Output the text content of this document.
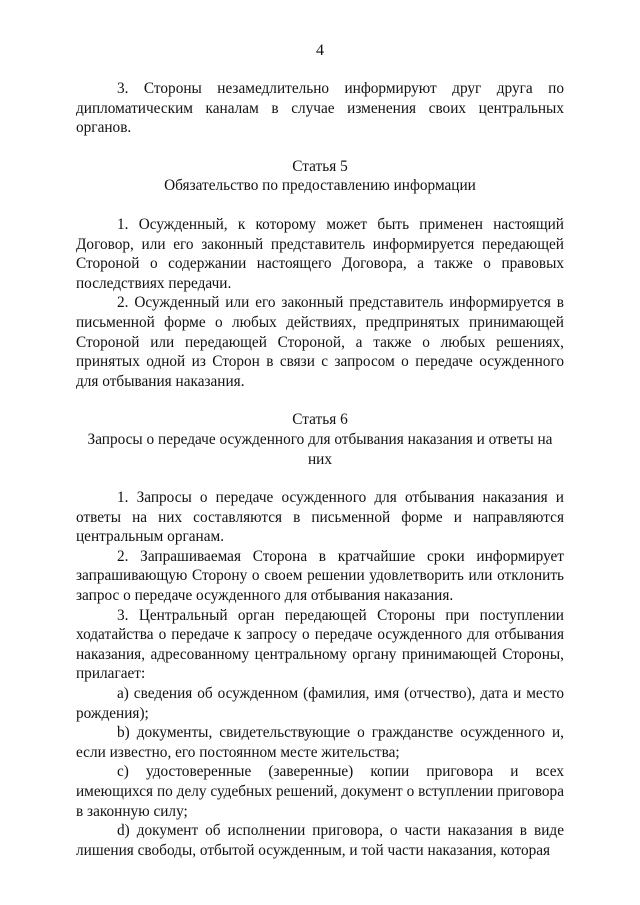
4

3. Стороны незамедлительно информируют друг друга по дипломатическим каналам в случае изменения своих центральных органов.

Статья 5
Обязательство по предоставлению информации

1. Осужденный, к которому может быть применен настоящий Договор, или его законный представитель информируется передающей Стороной о содержании настоящего Договора, а также о правовых последствиях передачи.

2. Осужденный или его законный представитель информируется в письменной форме о любых действиях, предпринятых принимающей Стороной или передающей Стороной, а также о любых решениях, принятых одной из Сторон в связи с запросом о передаче осужденного для отбывания наказания.

Статья 6
Запросы о передаче осужденного для отбывания наказания и ответы на них

1. Запросы о передаче осужденного для отбывания наказания и ответы на них составляются в письменной форме и направляются центральным органам.

2. Запрашиваемая Сторона в кратчайшие сроки информирует запрашивающую Сторону о своем решении удовлетворить или отклонить запрос о передаче осужденного для отбывания наказания.

3. Центральный орган передающей Стороны при поступлении ходатайства о передаче к запросу о передаче осужденного для отбывания наказания, адресованному центральному органу принимающей Стороны, прилагает:

a) сведения об осужденном (фамилия, имя (отчество), дата и место рождения);

b) документы, свидетельствующие о гражданстве осужденного и, если известно, его постоянном месте жительства;

c) удостоверенные (заверенные) копии приговора и всех имеющихся по делу судебных решений, документ о вступлении приговора в законную силу;

d) документ об исполнении приговора, о части наказания в виде лишения свободы, отбытой осужденным, и той части наказания, которая
